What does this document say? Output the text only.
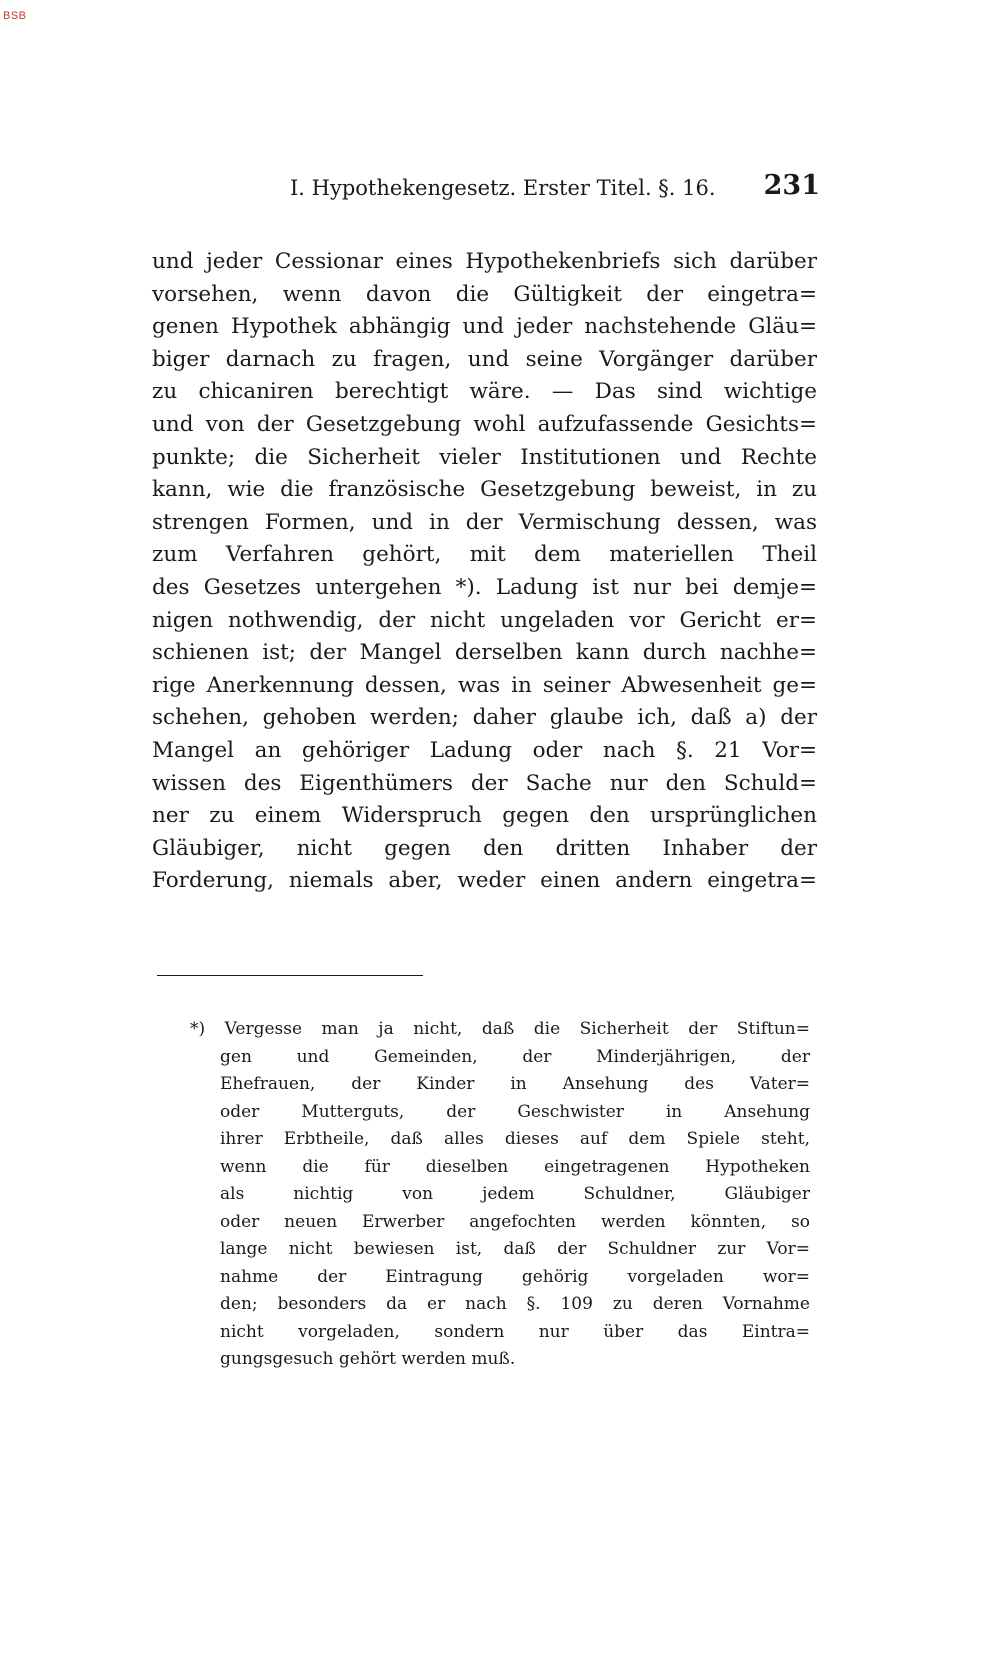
BSB
I. Hypothekengesetz. Erster Titel. §. 16. 231
und jeder Cessionar eines Hypothekenbriefs sich darüber
vorsehen, wenn davon die Gültigkeit der eingetra=
genen Hypothek abhängig und jeder nachstehende Gläu=
biger darnach zu fragen, und seine Vorgänger darüber
zu chicaniren berechtigt wäre. — Das sind wichtige
und von der Gesetzgebung wohl aufzufassende Gesichts=
punkte; die Sicherheit vieler Institutionen und Rechte
kann, wie die französische Gesetzgebung beweist, in zu
strengen Formen, und in der Vermischung dessen, was
zum Verfahren gehört, mit dem materiellen Theil
des Gesetzes untergehen *). Ladung ist nur bei demje=
nigen nothwendig, der nicht ungeladen vor Gericht er=
schienen ist; der Mangel derselben kann durch nachhe=
rige Anerkennung dessen, was in seiner Abwesenheit ge=
schehen, gehoben werden; daher glaube ich, daß a) der
Mangel an gehöriger Ladung oder nach §. 21 Vor=
wissen des Eigenthümers der Sache nur den Schuld=
ner zu einem Widerspruch gegen den ursprünglichen
Gläubiger, nicht gegen den dritten Inhaber der
Forderung, niemals aber, weder einen andern eingetra=
*) Vergesse man ja nicht, daß die Sicherheit der Stiftun=
gen und Gemeinden, der Minderjährigen, der
Ehefrauen, der Kinder in Ansehung des Vater=
oder Mutterguts, der Geschwister in Ansehung
ihrer Erbtheile, daß alles dieses auf dem Spiele steht,
wenn die für dieselben eingetragenen Hypotheken
als nichtig von jedem Schuldner, Gläubiger
oder neuen Erwerber angefochten werden könnten, so
lange nicht bewiesen ist, daß der Schuldner zur Vor=
nahme der Eintragung gehörig vorgeladen wor=
den; besonders da er nach §. 109 zu deren Vornahme
nicht vorgeladen, sondern nur über das Eintra=
gungsgesuch gehört werden muß.
